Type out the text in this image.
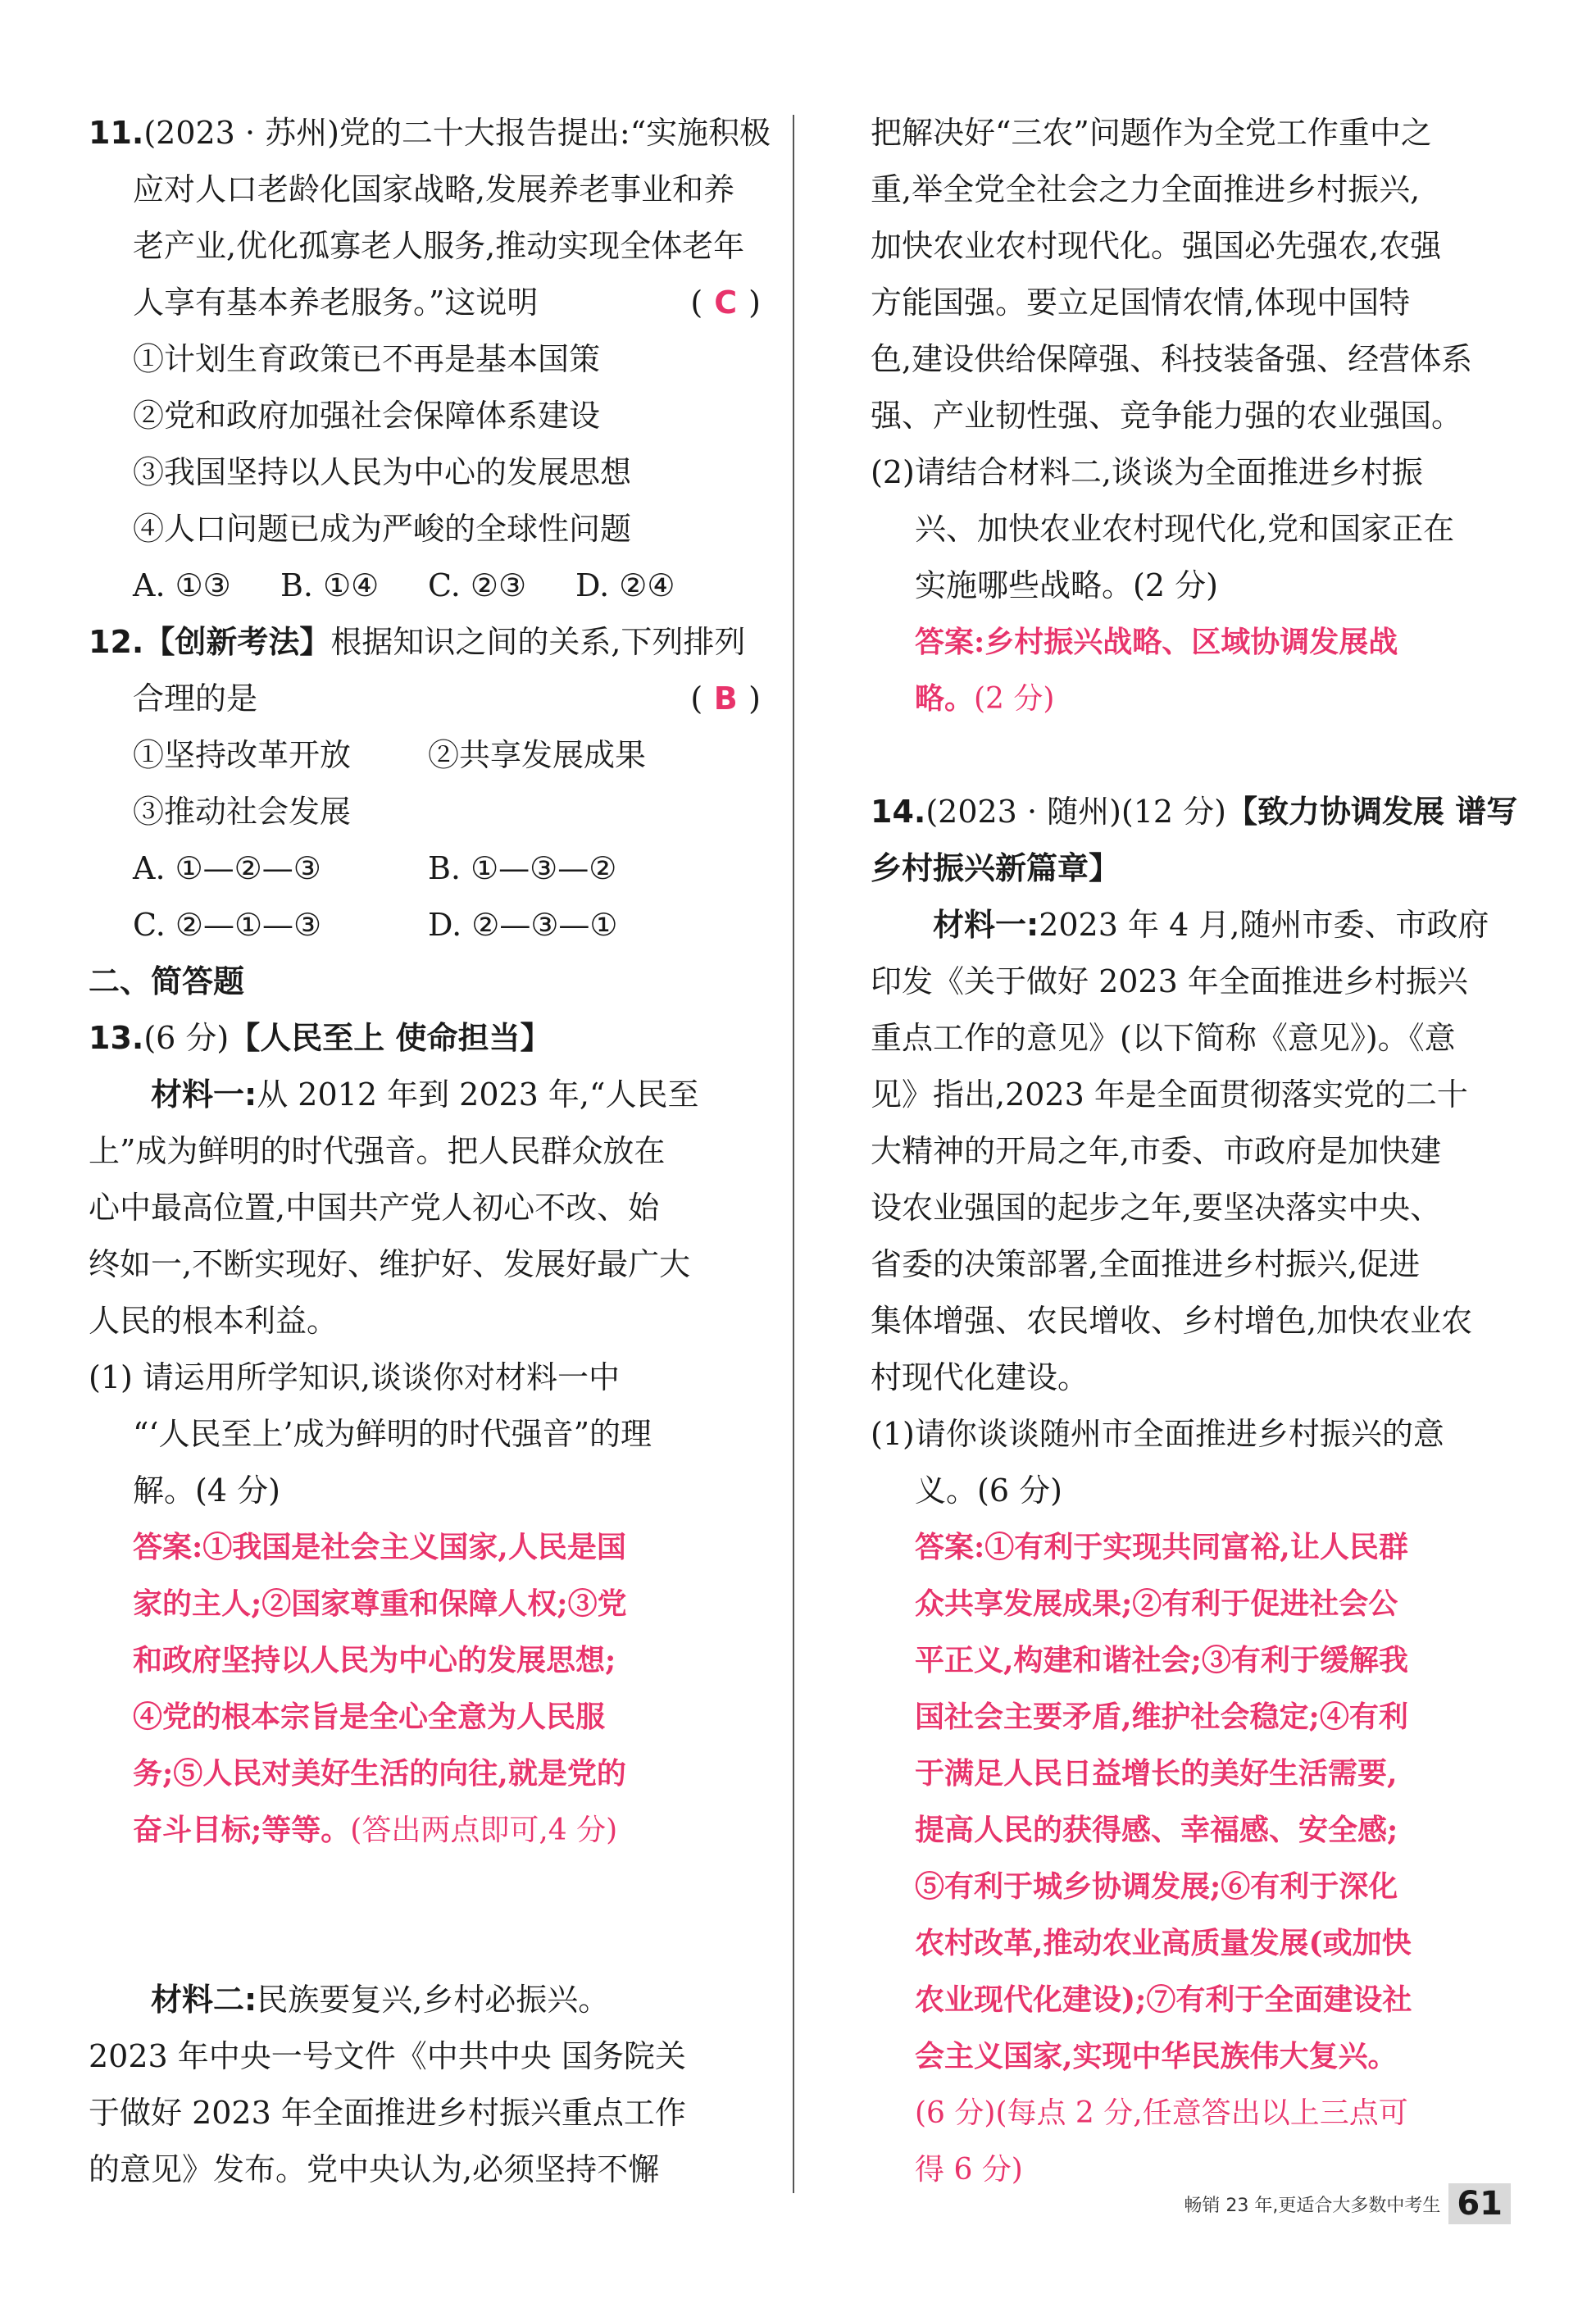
11.(2023 · 苏州)党的二十大报告提出:“实施积极
应对人口老龄化国家战略,发展养老事业和养
老产业,优化孤寡老人服务,推动实现全体老年
人享有基本养老服务。”这说明	( C )
①计划生育政策已不再是基本国策
②党和政府加强社会保障体系建设
③我国坚持以人民为中心的发展思想
④人口问题已成为严峻的全球性问题
A. ①③	B. ①④	C. ②③	D. ②④
12.【创新考法】根据知识之间的关系,下列排列
合理的是	( B )
①坚持改革开放	②共享发展成果
③推动社会发展
A. ①—②—③	B. ①—③—②
C. ②—①—③	D. ②—③—①
二、简答题
13.(6 分)【人民至上 使命担当】
材料一:从 2012 年到 2023 年,“人民至
上”成为鲜明的时代强音。把人民群众放在
心中最高位置,中国共产党人初心不改、始
终如一,不断实现好、维护好、发展好最广大
人民的根本利益。
(1) 请运用所学知识,谈谈你对材料一中
“‘人民至上’成为鲜明的时代强音”的理
解。(4 分)
答案:①我国是社会主义国家,人民是国
家的主人;②国家尊重和保障人权;③党
和政府坚持以人民为中心的发展思想;
④党的根本宗旨是全心全意为人民服
务;⑤人民对美好生活的向往,就是党的
奋斗目标;等等。(答出两点即可,4 分)
材料二:民族要复兴,乡村必振兴。
2023 年中央一号文件《中共中央 国务院关
于做好 2023 年全面推进乡村振兴重点工作
的意见》发布。党中央认为,必须坚持不懈
把解决好“三农”问题作为全党工作重中之
重,举全党全社会之力全面推进乡村振兴,
加快农业农村现代化。强国必先强农,农强
方能国强。要立足国情农情,体现中国特
色,建设供给保障强、科技装备强、经营体系
强、产业韧性强、竞争能力强的农业强国。
(2)请结合材料二,谈谈为全面推进乡村振
兴、加快农业农村现代化,党和国家正在
实施哪些战略。(2 分)
答案:乡村振兴战略、区域协调发展战
略。(2 分)
14.(2023 · 随州)(12 分)【致力协调发展 谱写
乡村振兴新篇章】
材料一:2023 年 4 月,随州市委、市政府
印发《关于做好 2023 年全面推进乡村振兴
重点工作的意见》(以下简称《意见》)。《意
见》指出,2023 年是全面贯彻落实党的二十
大精神的开局之年,市委、市政府是加快建
设农业强国的起步之年,要坚决落实中央、
省委的决策部署,全面推进乡村振兴,促进
集体增强、农民增收、乡村增色,加快农业农
村现代化建设。
(1)请你谈谈随州市全面推进乡村振兴的意
义。(6 分)
答案:①有利于实现共同富裕,让人民群
众共享发展成果;②有利于促进社会公
平正义,构建和谐社会;③有利于缓解我
国社会主要矛盾,维护社会稳定;④有利
于满足人民日益增长的美好生活需要,
提高人民的获得感、幸福感、安全感;
⑤有利于城乡协调发展;⑥有利于深化
农村改革,推动农业高质量发展(或加快
农业现代化建设);⑦有利于全面建设社
会主义国家,实现中华民族伟大复兴。
(6 分)(每点 2 分,任意答出以上三点可
得 6 分)
畅销 23 年,更适合大多数中考生 61
